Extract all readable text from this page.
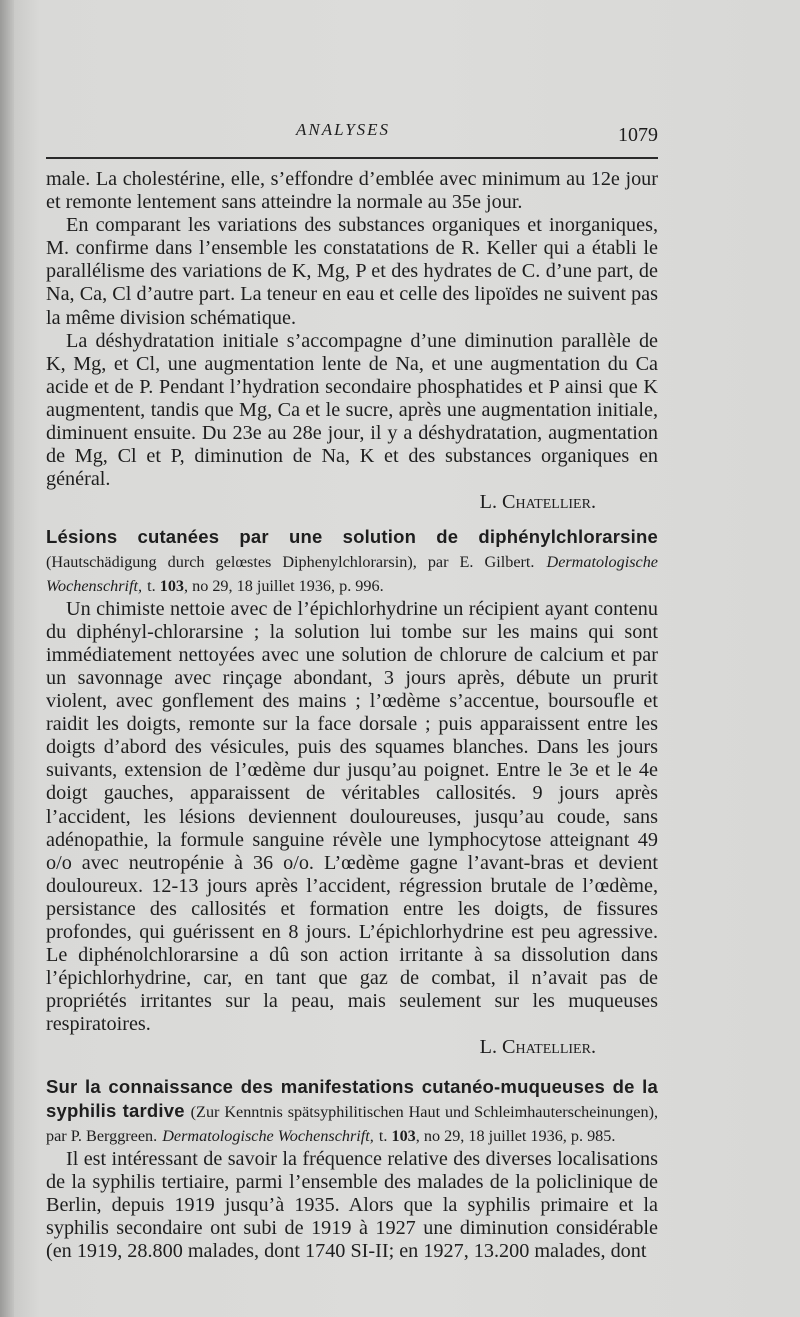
ANALYSES	1079

male. La cholestérine, elle, s’effondre d’emblée avec minimum au 12e jour et remonte lentement sans atteindre la normale au 35e jour.

En comparant les variations des substances organiques et inorganiques, M. confirme dans l’ensemble les constatations de R. Keller qui a établi le parallélisme des variations de K, Mg, P et des hydrates de C. d’une part, de Na, Ca, Cl d’autre part. La teneur en eau et celle des lipoïdes ne suivent pas la même division schématique.

La déshydratation initiale s’accompagne d’une diminution parallèle de K, Mg, et Cl, une augmentation lente de Na, et une augmentation du Ca acide et de P. Pendant l’hydration secondaire phosphatides et P ainsi que K augmentent, tandis que Mg, Ca et le sucre, après une augmentation initiale, diminuent ensuite. Du 23e au 28e jour, il y a déshydratation, augmentation de Mg, Cl et P, diminution de Na, K et des substances organiques en général.

L. Chatellier.

Lésions cutanées par une solution de diphénylchlorarsine (Hautschädigung durch gelœstes Diphenylchlorarsin), par E. Gilbert. Dermatologische Wochenschrift, t. 103, no 29, 18 juillet 1936, p. 996.

Un chimiste nettoie avec de l’épichlorhydrine un récipient ayant contenu du diphényl-chlorarsine ; la solution lui tombe sur les mains qui sont immédiatement nettoyées avec une solution de chlorure de calcium et par un savonnage avec rinçage abondant, 3 jours après, débute un prurit violent, avec gonflement des mains ; l’œdème s’accentue, boursoufle et raidit les doigts, remonte sur la face dorsale ; puis apparaissent entre les doigts d’abord des vésicules, puis des squames blanches. Dans les jours suivants, extension de l’œdème dur jusqu’au poignet. Entre le 3e et le 4e doigt gauches, apparaissent de véritables callosités. 9 jours après l’accident, les lésions deviennent douloureuses, jusqu’au coude, sans adénopathie, la formule sanguine révèle une lymphocytose atteignant 49 o/o avec neutropénie à 36 o/o. L’œdème gagne l’avant-bras et devient douloureux. 12-13 jours après l’accident, régression brutale de l’œdème, persistance des callosités et formation entre les doigts, de fissures profondes, qui guérissent en 8 jours. L’épichlorhydrine est peu agressive. Le diphénolchlorarsine a dû son action irritante à sa dissolution dans l’épichlorhydrine, car, en tant que gaz de combat, il n’avait pas de propriétés irritantes sur la peau, mais seulement sur les muqueuses respiratoires.

L. Chatellier.

Sur la connaissance des manifestations cutanéo-muqueuses de la syphilis tardive (Zur Kenntnis spätsyphilitischen Haut und Schleimhauterscheinungen), par P. Berggreen. Dermatologische Wochenschrift, t. 103, no 29, 18 juillet 1936, p. 985.

Il est intéressant de savoir la fréquence relative des diverses localisations de la syphilis tertiaire, parmi l’ensemble des malades de la policlinique de Berlin, depuis 1919 jusqu’à 1935. Alors que la syphilis primaire et la syphilis secondaire ont subi de 1919 à 1927 une diminution considérable (en 1919, 28.800 malades, dont 1740 SI-II; en 1927, 13.200 malades, dont
